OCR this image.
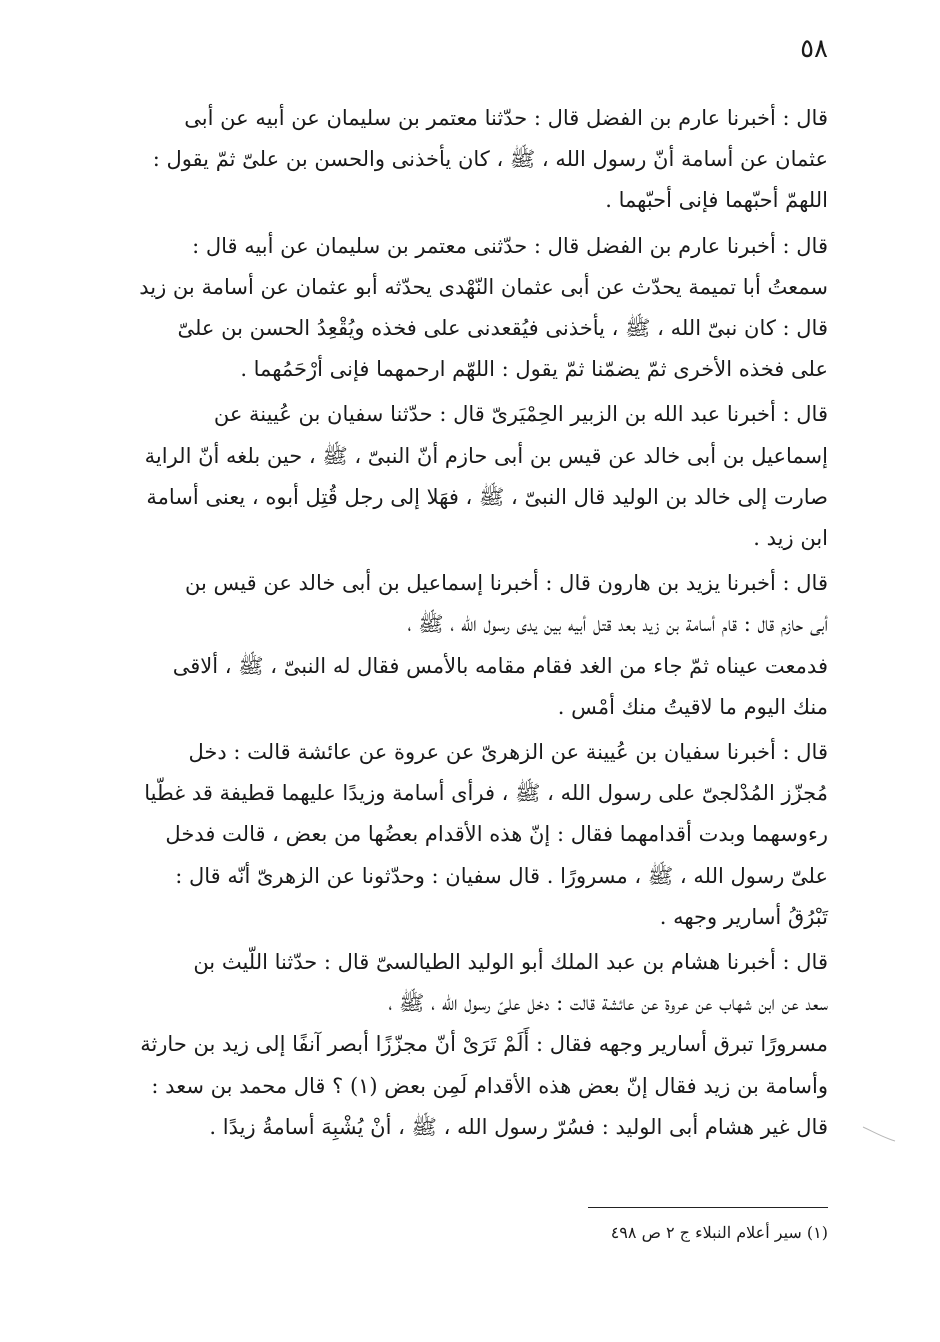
٥٨

قال : أخبرنا عارم بن الفضل قال : حدّثنا معتمر بن سليمان عن أبيه عن أبى
عثمان عن أسامة أنّ رسول الله ، ﷺ ، كان يأخذنى والحسن بن علىّ ثمّ يقول :
اللهمّ أحبّهما فإنى أحبّهما .

قال : أخبرنا عارم بن الفضل قال : حدّثنى معتمر بن سليمان عن أبيه قال :
سمعتُ أبا تميمة يحدّث عن أبى عثمان النّهْدى يحدّثه أبو عثمان عن أسامة بن زيد
قال : كان نبىّ الله ، ﷺ ، يأخذنى فيُقعدنى على فخذه ويُقْعِدُ الحسن بن علىّ
على فخذه الأخرى ثمّ يضمّنا ثمّ يقول : اللهّم ارحمهما فإنى أرْحَمُهما .

قال : أخبرنا عبد الله بن الزبير الحِمْيَرىّ قال : حدّثنا سفيان بن عُيينة عن
إسماعيل بن أبى خالد عن قيس بن أبى حازم أنّ النبىّ ، ﷺ ، حين بلغه أنّ الراية
صارت إلى خالد بن الوليد قال النبىّ ، ﷺ ، فهَلا إلى رجل قُتِل أبوه ، يعنى أسامة
ابن زيد .

قال : أخبرنا يزيد بن هارون قال : أخبرنا إسماعيل بن أبى خالد عن قيس بن
أبى حازم قال : قام أسامة بن زيد بعد قتل أبيه بين يدى رسول الله ، ﷺ ،
فدمعت عيناه ثمّ جاء من الغد فقام مقامه بالأمس فقال له النبىّ ، ﷺ ، ألاقى
منك اليوم ما لاقيتُ منك أمْس .

قال : أخبرنا سفيان بن عُيينة عن الزهرىّ عن عروة عن عائشة قالت : دخل
مُجزّز المُدْلجىّ على رسول الله ، ﷺ ، فرأى أسامة وزيدًا عليهما قطيفة قد غطّيا
رءوسهما وبدت أقدامهما فقال : إنّ هذه الأقدام بعضُها من بعض ، قالت فدخل
علىّ رسول الله ، ﷺ ، مسرورًا . قال سفيان : وحدّثونا عن الزهرىّ أنّه قال :
تَبْرُقُ أسارير وجهه .

قال : أخبرنا هشام بن عبد الملك أبو الوليد الطيالسىّ قال : حدّثنا اللّيث بن
سعد عن ابن شهاب عن عروة عن عائشة قالت : دخل علىّ رسول الله ، ﷺ ،
مسرورًا تبرق أسارير وجهه فقال : أَلَمْ تَرَىْ أنّ مجزّزًا أبصر آنفًا إلى زيد بن حارثة
وأسامة بن زيد فقال إنّ بعض هذه الأقدام لَمِن بعض (١) ؟ قال محمد بن سعد :
قال غير هشام أبى الوليد : فسُرّ رسول الله ، ﷺ ، أنْ يُشْبِهَ أسامةُ زيدًا .

(١) سير أعلام النبلاء ج ٢ ص ٤٩٨
